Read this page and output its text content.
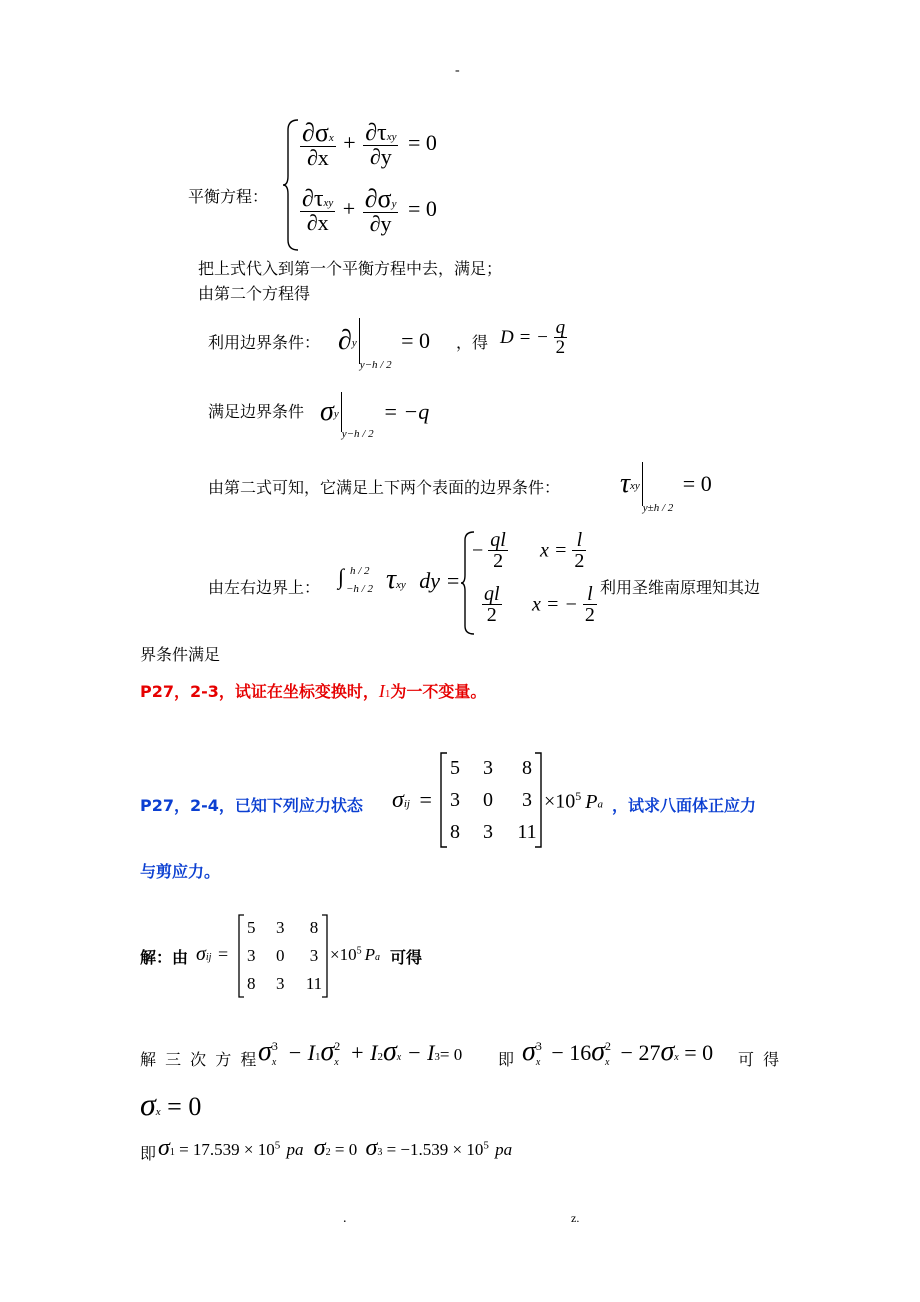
-
平衡方程：
$\frac{\partial\sigma x}{\partial x} + \frac{\text{∂τxy}}{\partial y} = 0$
$\frac{\text{∂τxy}}{\partial x} + \frac{\partial\sigma y}{\partial y} = 0$
把上式代入到第一个平衡方程中去，满足；
由第二个方程得
利用边界条件： $\partial y_{y-h / 2} = 0$ ，得 D = − $\frac{q}{2}$
满足边界条件 $\sigma y_{y-h / 2} = -q$
由第二式可知，它满足上下两个表面的边界条件： τxy$_{y\pm h / 2}$ = 0
由左右边界上： ∫ h / 2
−h / 2 τxy dy =
− $\frac{ql}{2}$ $x = \frac{l}{2}$
$\frac{ql}{2}$ x = − $\frac{l}{2}$ 利用圣维南原理知其边
界条件满足
P27，2-3，试证在坐标变换时，I1为一不变量。
P27，2-4，已知下列应力状态 σij =
5 3	8
3 0	3
8 3 11
$\times 10^5$ Pa ，试求八面体正应力
与剪应力。
解：由 σij =
5 3 8
3 0 3
8 3 11
$\times 10^5$ Pa 可得
解 三 次 方 程 σ 3
x − I1σ 2
x + I2σx − I3= 0 即 σ 3
x − 16σ 2
x − 27σx = 0 可 得
σx = 0
即 $\sigma 1 = 17.539 \times 10^5$ pa σ2 = 0 $\sigma 3 = -1.539 \times 10^5$ pa
.	z.
